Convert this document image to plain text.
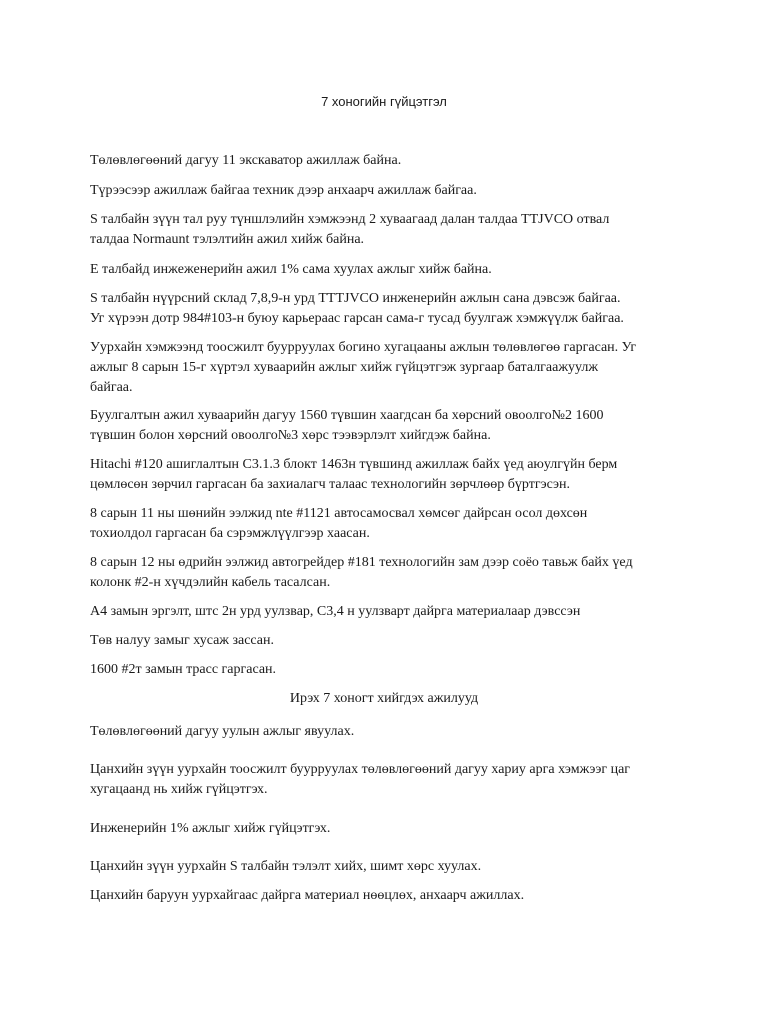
7 хоногийн гүйцэтгэл

Төлөвлөгөөний дагуу 11 экскаватор ажиллаж байна.

Түрээсээр ажиллаж байгаа техник дээр анхаарч ажиллаж байгаа.

S талбайн зүүн тал руу түншлэлийн хэмжээнд 2 хуваагаад далан талдаа TTJVCO отвал
талдаа Normaunt тэлэлтийн ажил хийж байна.

E талбайд инжeженерийн ажил 1% сама хуулах ажлыг хийж байна.

S талбайн нүүрсний склад 7,8,9-н урд TTTJVCO инженерийн ажлын сана дэвсэж байгаа.
Уг хүрээн дотр 984#103-н буюу карьераас гарсан сама-г тусад буулгаж хэмжүүлж байгаа.

Уурхайн хэмжээнд тоосжилт буурруулах богино хугацааны ажлын төлөвлөгөө гаргасан. Уг
ажлыг 8 сарын 15-г хүртэл хуваарийн ажлыг хийж гүйцэтгэж зургаар баталгаажуулж
байгаа.

Буулгалтын ажил хуваарийн дагуу 1560 түвшин хаагдсан ба хөрсний овоолго№2 1600
түвшин болон хөрсний овоолго№3 хөрс тээвэрлэлт хийгдэж байна.

Hitachi #120 ашиглалтын C3.1.3 блокт 1463н түвшинд ажиллаж байх үед аюулгүйн берм
цөмлөсөн зөрчил гаргасан ба захиалагч талаас технологийн зөрчлөөр бүртгэсэн.

8 сарын 11 ны шөнийн ээлжид nte #1121 автосамосвал хөмсөг дайрсан осол дөхсөн
тохиолдол гаргасан ба сэрэмжлүүлгээр хаасан.

8 сарын 12 ны өдрийн ээлжид автогрейдер #181 технологийн зам дээр соёо тавьж байх үед
колонк #2-н хүчдэлийн кабель тасалсан.

А4 замын эргэлт, штс 2н урд уулзвар, C3,4 н уулзварт дайрга материалаар дэвссэн

Төв налуу замыг хусаж зассан.

1600 #2т замын трасс гаргасан.

Ирэх 7 хоногт хийгдэх ажилууд

Төлөвлөгөөний дагуу уулын ажлыг явуулах.

Цанхийн зүүн уурхайн тоосжилт буурруулах төлөвлөгөөний дагуу хариу арга хэмжээг цаг
хугацаанд нь хийж гүйцэтгэх.

Инженерийн 1% ажлыг хийж гүйцэтгэх.

Цанхийн зүүн уурхайн S талбайн тэлэлт хийх, шимт хөрс хуулах.

Цанхийн баруун уурхайгаас дайрга материал нөөцлөх, анхаарч ажиллах.
